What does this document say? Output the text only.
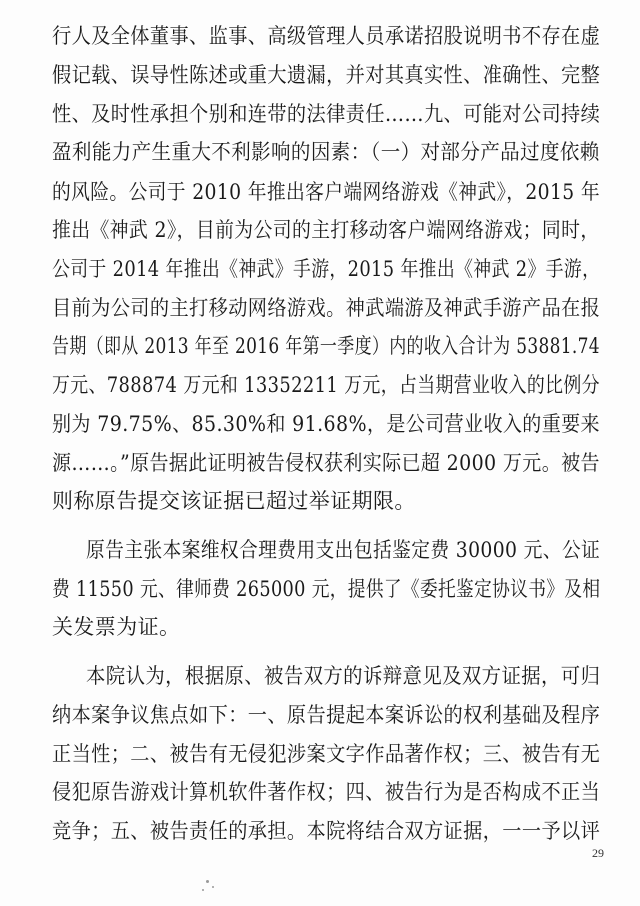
行人及全体董事、监事、高级管理人员承诺招股说明书不存在虚
假记载、误导性陈述或重大遗漏，并对其真实性、准确性、完整
性、及时性承担个别和连带的法律责任……九、可能对公司持续
盈利能力产生重大不利影响的因素：（一）对部分产品过度依赖
的风险。公司于 2010 年推出客户端网络游戏《神武》，2015 年
推出《神武 2》，目前为公司的主打移动客户端网络游戏；同时，
公司于 2014 年推出《神武》手游，2015 年推出《神武 2》手游，
目前为公司的主打移动网络游戏。神武端游及神武手游产品在报
告期（即从 2013 年至 2016 年第一季度）内的收入合计为 53881.74
万元、788874 万元和 13352211 万元，占当期营业收入的比例分
别为 79.75%、85.30%和 91.68%，是公司营业收入的重要来
源……。”原告据此证明被告侵权获利实际已超 2000 万元。被告
则称原告提交该证据已超过举证期限。
原告主张本案维权合理费用支出包括鉴定费 30000 元、公证
费 11550 元、律师费 265000 元，提供了《委托鉴定协议书》及相
关发票为证。
本院认为，根据原、被告双方的诉辩意见及双方证据，可归
纳本案争议焦点如下：一、原告提起本案诉讼的权利基础及程序
正当性；二、被告有无侵犯涉案文字作品著作权；三、被告有无
侵犯原告游戏计算机软件著作权；四、被告行为是否构成不正当
竞争；五、被告责任的承担。本院将结合双方证据，一一予以评
29
